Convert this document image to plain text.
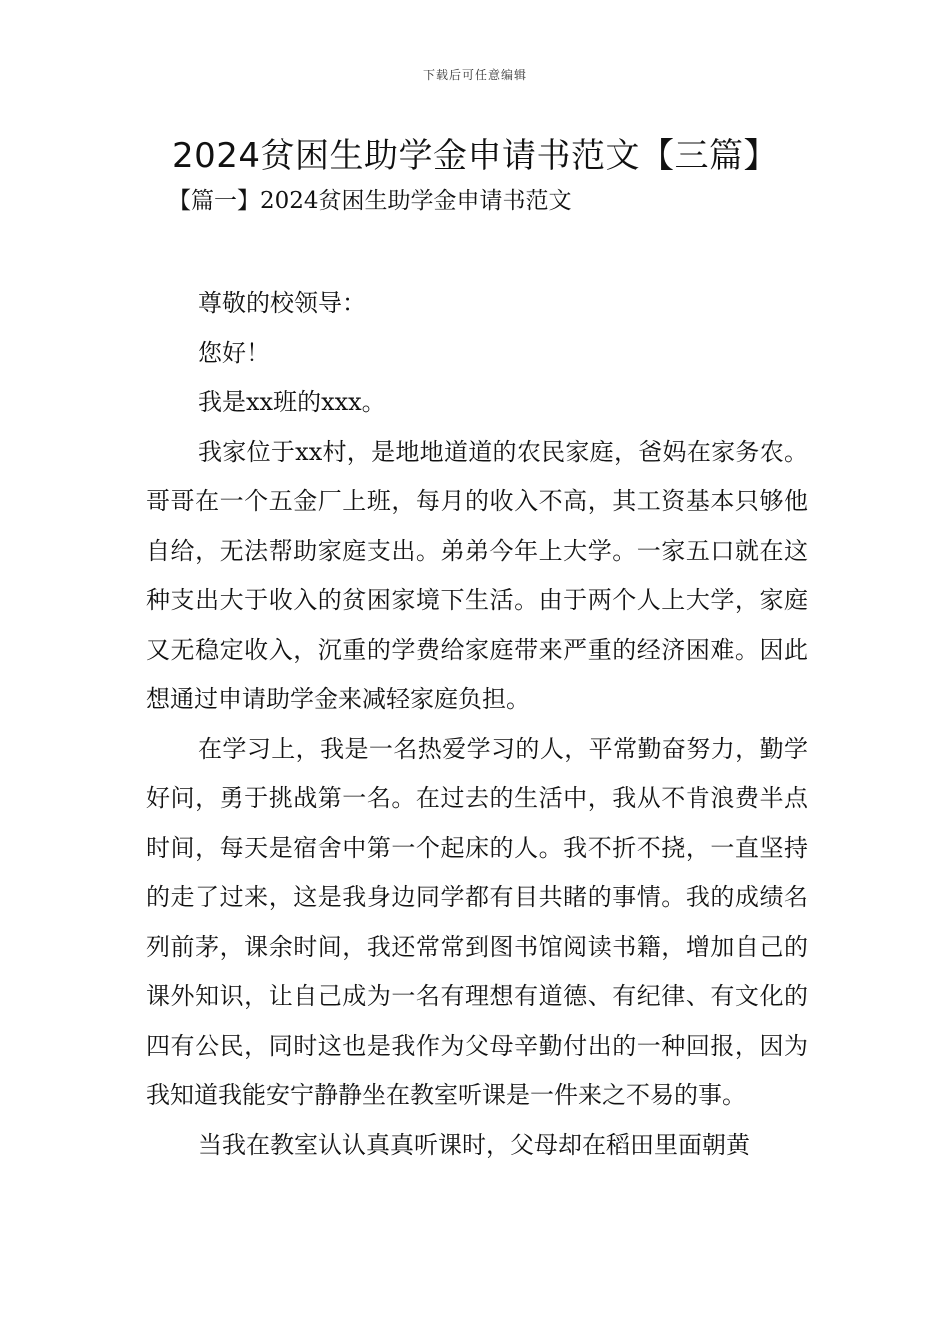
下载后可任意编辑
2024贫困生助学金申请书范文【三篇】
【篇一】2024贫困生助学金申请书范文

尊敬的校领导：

您好！

我是xx班的xxx。

我家位于xx村，是地地道道的农民家庭，爸妈在家务农。哥哥在一个五金厂上班，每月的收入不高，其工资基本只够他自给，无法帮助家庭支出。弟弟今年上大学。一家五口就在这种支出大于收入的贫困家境下生活。由于两个人上大学，家庭又无稳定收入，沉重的学费给家庭带来严重的经济困难。因此想通过申请助学金来减轻家庭负担。

在学习上，我是一名热爱学习的人，平常勤奋努力，勤学好问，勇于挑战第一名。在过去的生活中，我从不肯浪费半点时间，每天是宿舍中第一个起床的人。我不折不挠，一直坚持的走了过来，这是我身边同学都有目共睹的事情。我的成绩名列前茅，课余时间，我还常常到图书馆阅读书籍，增加自己的课外知识，让自己成为一名有理想有道德、有纪律、有文化的四有公民，同时这也是我作为父母辛勤付出的一种回报，因为我知道我能安宁静静坐在教室听课是一件来之不易的事。

当我在教室认认真真听课时，父母却在稻田里面朝黄
